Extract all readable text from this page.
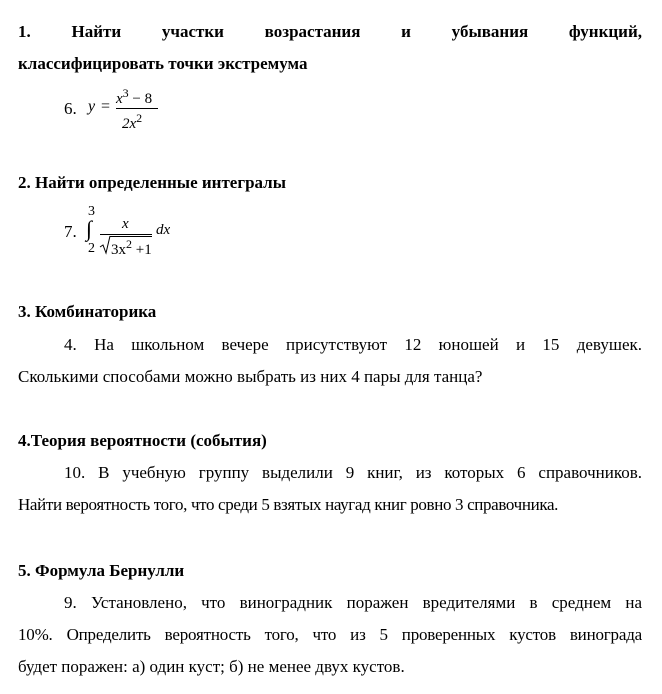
1. Найти участки возрастания и убывания функций,
классифицировать точки экстремума
6. $y = x^3 - 8$
$2x^2$
2. Найти определенные интегралы
7.
3
∫
2
x
$3x^2 +1$
dx
3. Комбинаторика
4. На школьном вечере присутствуют 12 юношей и 15 девушек.
Сколькими способами можно выбрать из них 4 пары для танца?
4.Теория вероятности (события)
10. В учебную группу выделили 9 книг, из которых 6 справочников.
Найти вероятность того, что среди 5 взятых наугад книг ровно 3 справочника.
5. Формула Бернулли
9. Установлено, что виноградник поражен вредителями в среднем на
10%. Определить вероятность того, что из 5 проверенных кустов винограда
будет поражен: а) один куст; б) не менее двух кустов.
